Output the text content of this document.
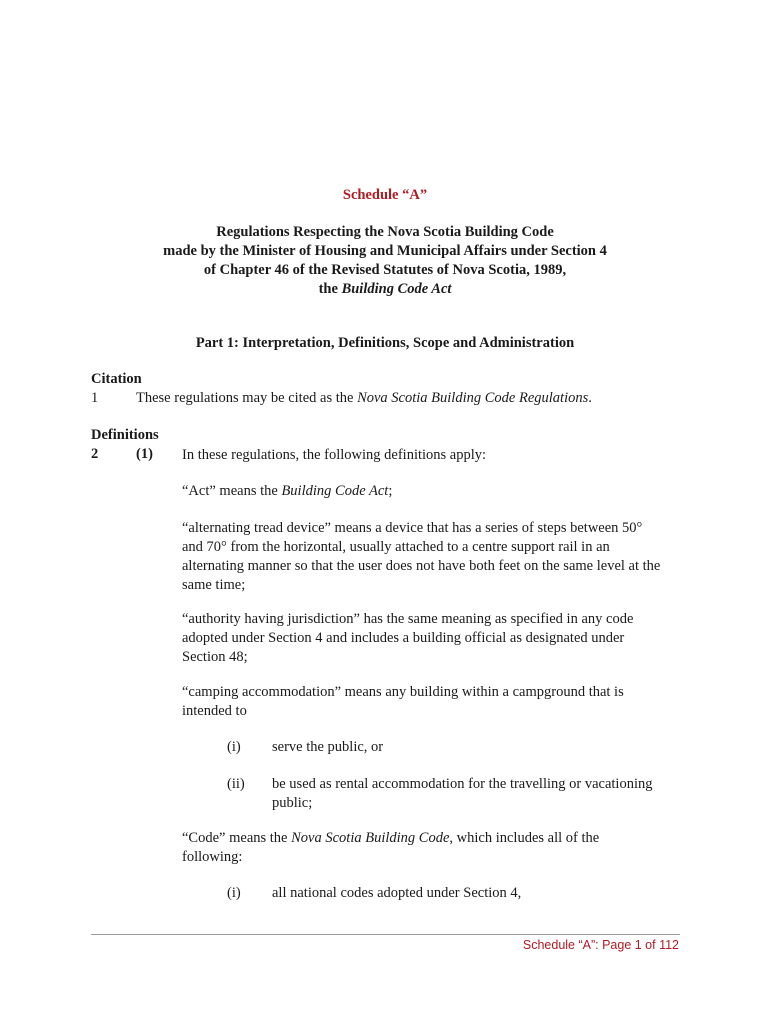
Schedule “A”
Regulations Respecting the Nova Scotia Building Code
made by the Minister of Housing and Municipal Affairs under Section 4
of Chapter 46 of the Revised Statutes of Nova Scotia, 1989,
the Building Code Act
Part 1: Interpretation, Definitions, Scope and Administration
Citation
1	These regulations may be cited as the Nova Scotia Building Code Regulations.
Definitions
2	(1) In these regulations, the following definitions apply:
“Act” means the Building Code Act;
“alternating tread device” means a device that has a series of steps between 50°
and 70° from the horizontal, usually attached to a centre support rail in an
alternating manner so that the user does not have both feet on the same level at the
same time;
“authority having jurisdiction” has the same meaning as specified in any code
adopted under Section 4 and includes a building official as designated under
Section 48;
“camping accommodation” means any building within a campground that is
intended to
(i) serve the public, or
(ii) be used as rental accommodation for the travelling or vacationing
public;
“Code” means the Nova Scotia Building Code, which includes all of the
following:
(i) all national codes adopted under Section 4,
Schedule “A”: Page 1 of 112
